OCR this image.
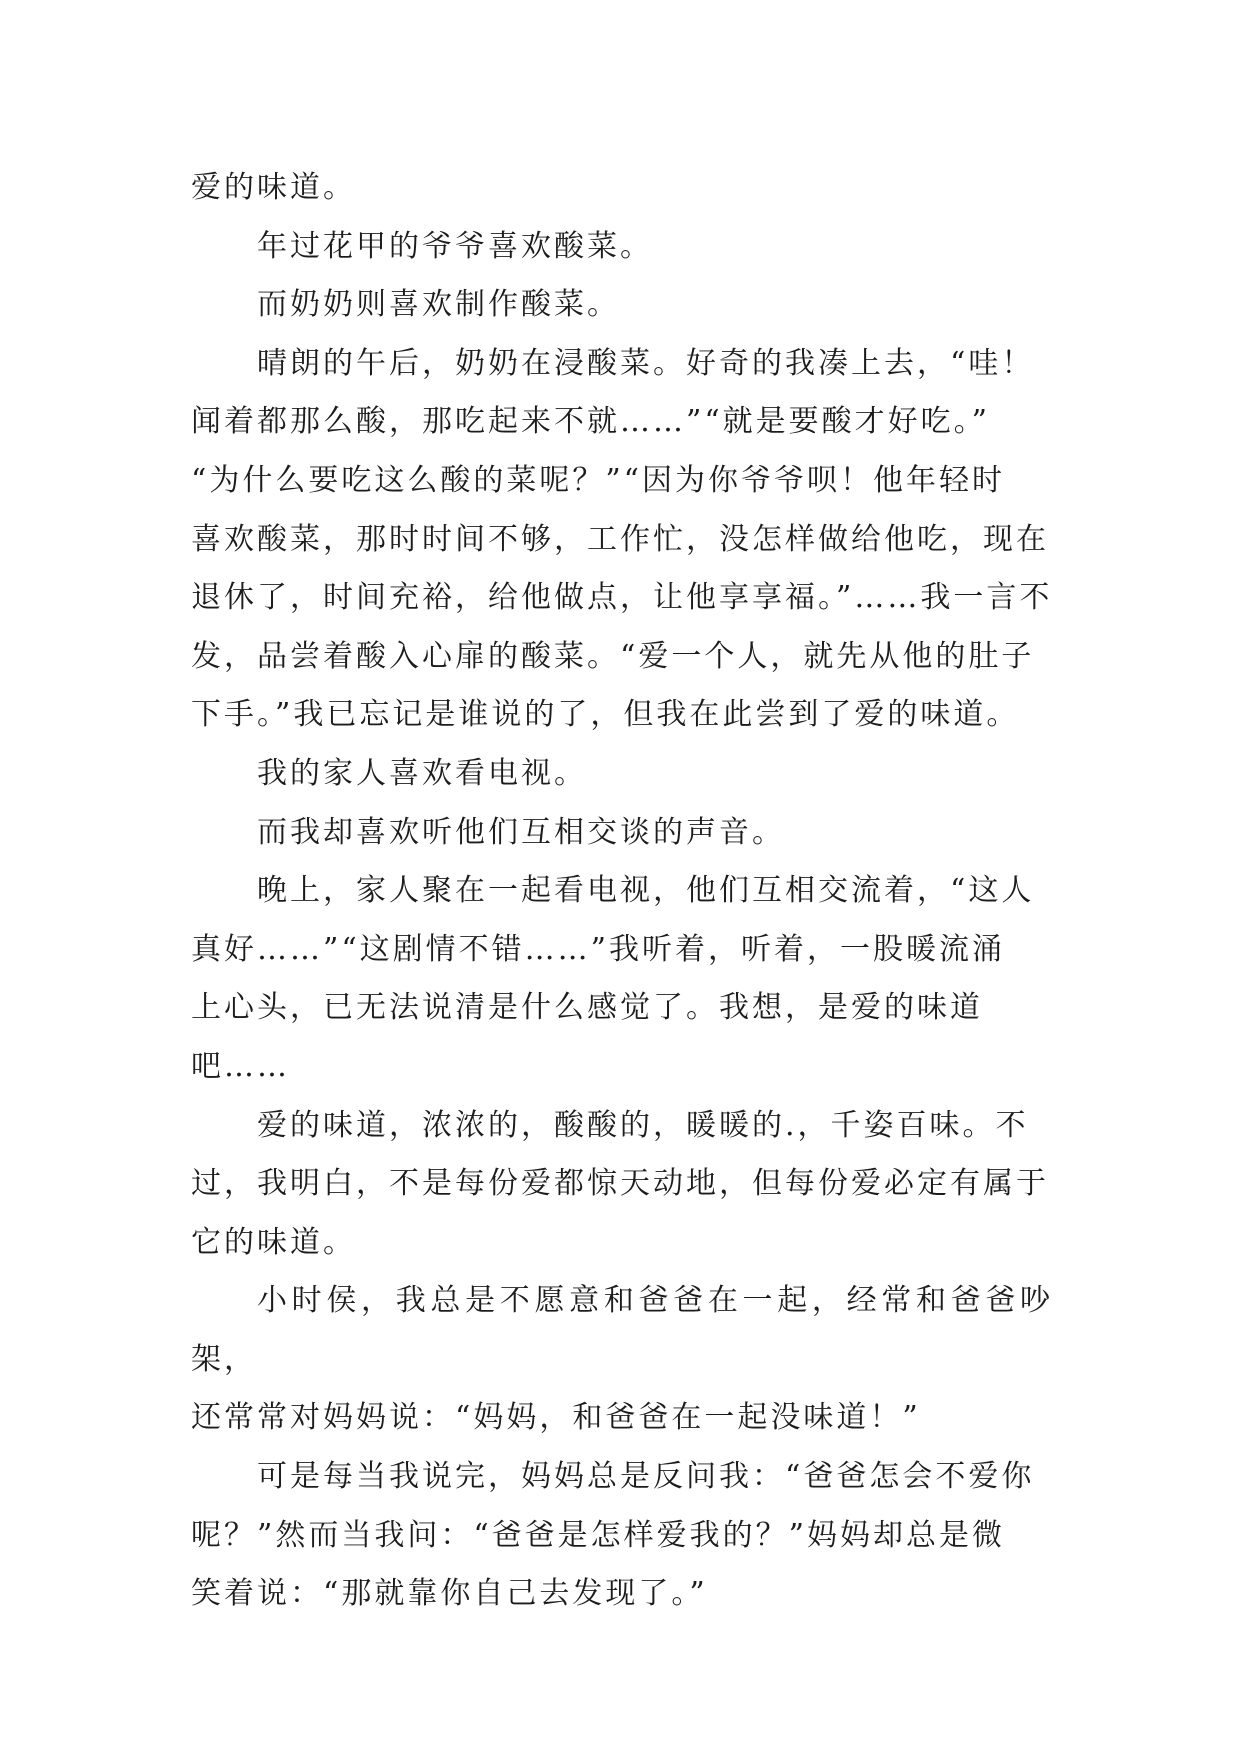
爱的味道。

年过花甲的爷爷喜欢酸菜。

而奶奶则喜欢制作酸菜。

晴朗的午后，奶奶在浸酸菜。好奇的我凑上去，“哇！
闻着都那么酸，那吃起来不就……”“就是要酸才好吃。”
“为什么要吃这么酸的菜呢？”“因为你爷爷呗！他年轻时
喜欢酸菜，那时时间不够，工作忙，没怎样做给他吃，现在
退休了，时间充裕，给他做点，让他享享福。”……我一言不
发，品尝着酸入心扉的酸菜。“爱一个人，就先从他的肚子
下手。”我已忘记是谁说的了，但我在此尝到了爱的味道。

我的家人喜欢看电视。

而我却喜欢听他们互相交谈的声音。

晚上，家人聚在一起看电视，他们互相交流着，“这人
真好……”“这剧情不错……”我听着，听着，一股暖流涌
上心头，已无法说清是什么感觉了。我想，是爱的味道
吧……

爱的味道，浓浓的，酸酸的，暖暖的.，千姿百味。不
过，我明白，不是每份爱都惊天动地，但每份爱必定有属于
它的味道。

小时侯，我总是不愿意和爸爸在一起，经常和爸爸吵架，
还常常对妈妈说：“妈妈，和爸爸在一起没味道！”

可是每当我说完，妈妈总是反问我：“爸爸怎会不爱你
呢？”然而当我问：“爸爸是怎样爱我的？”妈妈却总是微
笑着说：“那就靠你自己去发现了。”
